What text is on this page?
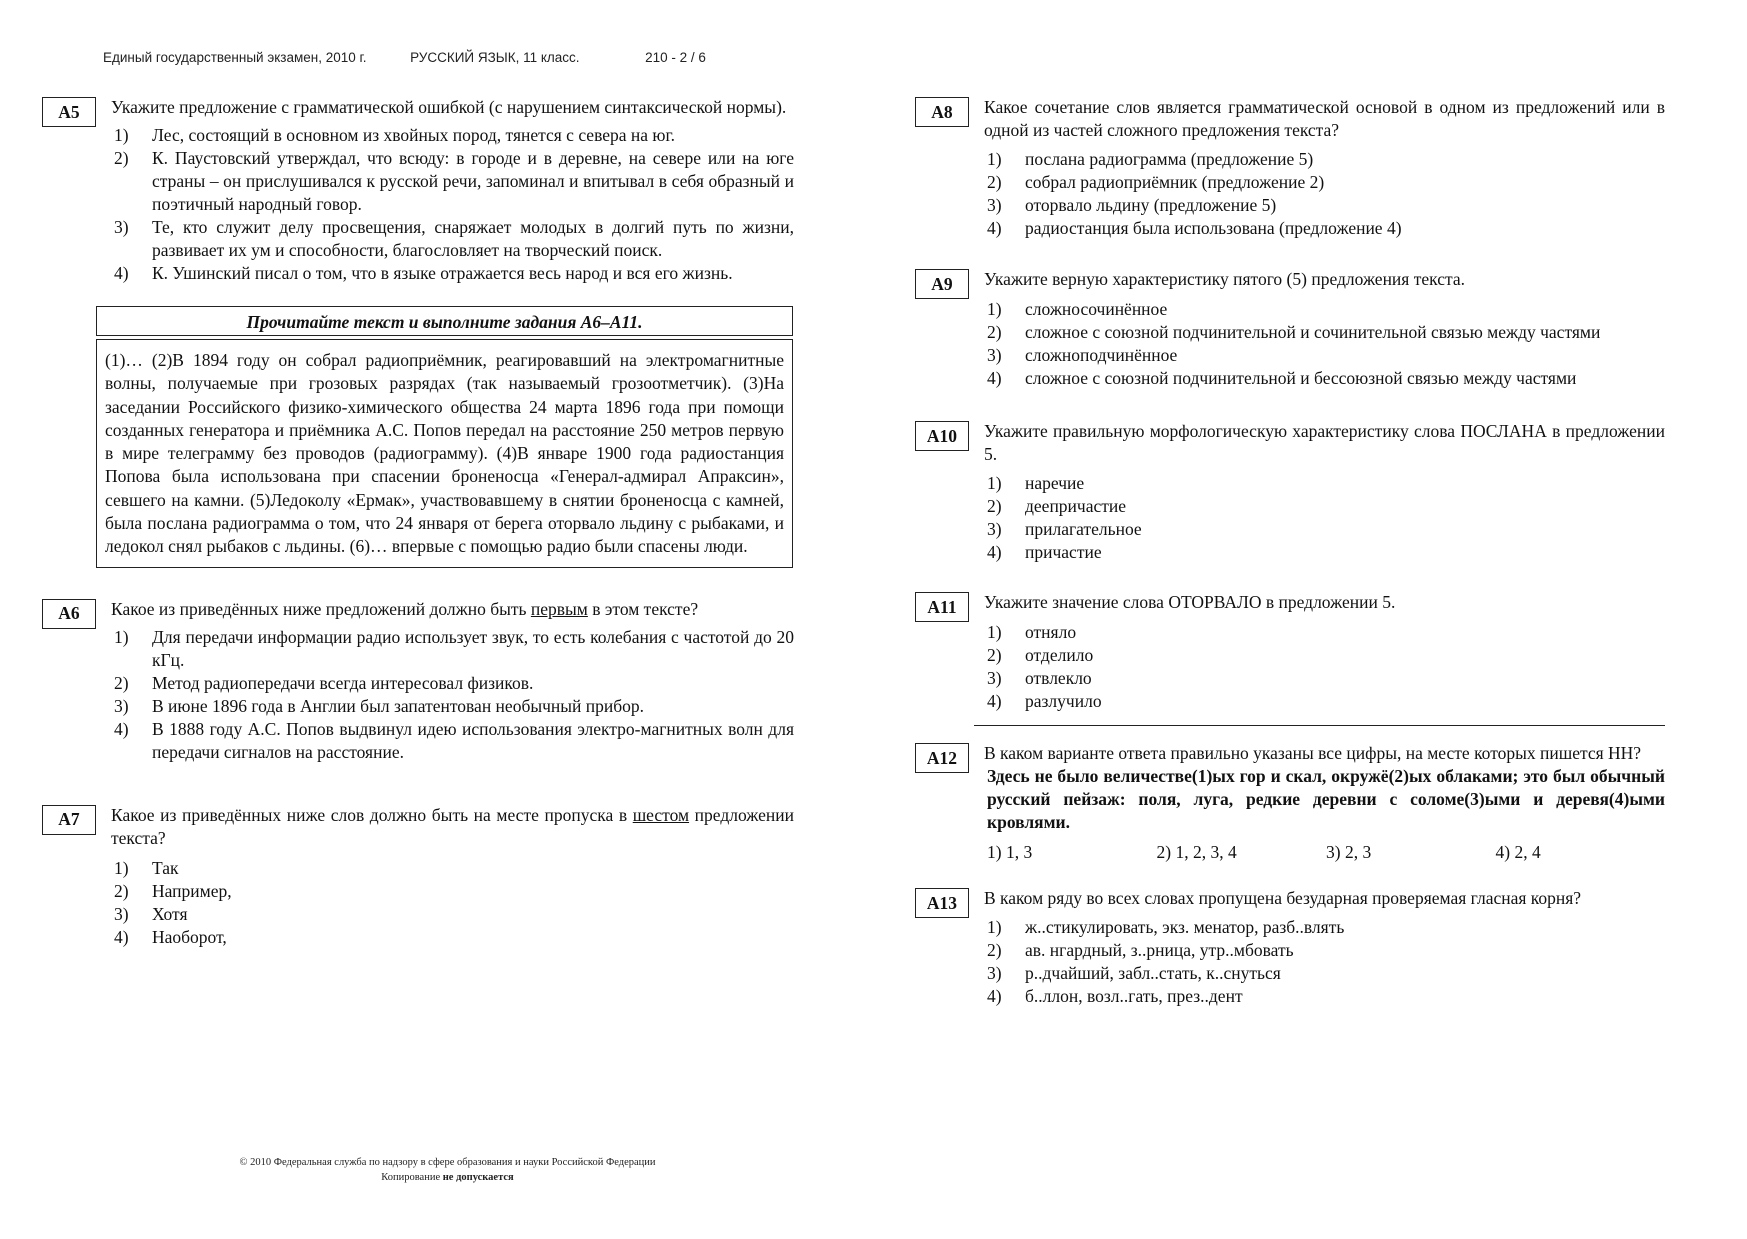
Единый государственный экзамен, 2010 г.	РУССКИЙ ЯЗЫК, 11 класс.	210 - 2 / 6
А5	Укажите предложение с грамматической ошибкой (с нарушением синтаксической нормы).
1)	Лес, состоящий в основном из хвойных пород, тянется с севера на юг.
2)	К. Паустовский утверждал, что всюду: в городе и в деревне, на севере или на юге страны – он прислушивался к русской речи, запоминал и впитывал в себя образный и поэтичный народный говор.
3)	Те, кто служит делу просвещения, снаряжает молодых в долгий путь по жизни, развивает их ум и способности, благословляет на творческий поиск.
4)	К. Ушинский писал о том, что в языке отражается весь народ и вся его жизнь.
Прочитайте текст и выполните задания А6–А11.
(1)… (2)В 1894 году он собрал радиоприёмник, реагировавший на электромагнитные волны, получаемые при грозовых разрядах (так называемый грозоотметчик). (3)На заседании Российского физико-химического общества 24 марта 1896 года при помощи созданных генератора и приёмника А.С. Попов передал на расстояние 250 метров первую в мире телеграмму без проводов (радиограмму). (4)В январе 1900 года радиостанция Попова была использована при спасении броненосца «Генерал-адмирал Апраксин», севшего на камни. (5)Ледоколу «Ермак», участвовавшему в снятии броненосца с камней, была послана радиограмма о том, что 24 января от берега оторвало льдину с рыбаками, и ледокол снял рыбаков с льдины. (6)… впервые с помощью радио были спасены люди.
А6	Какое из приведённых ниже предложений должно быть первым в этом тексте?
1)	Для передачи информации радио использует звук, то есть колебания с частотой до 20 кГц.
2)	Метод радиопередачи всегда интересовал физиков.
3)	В июне 1896 года в Англии был запатентован необычный прибор.
4)	В 1888 году А.С. Попов выдвинул идею использования электро-магнитных волн для передачи сигналов на расстояние.
А7	Какое из приведённых ниже слов должно быть на месте пропуска в шестом предложении текста?
1)	Так
2)	Например,
3)	Хотя
4)	Наоборот,
А8	Какое сочетание слов является грамматической основой в одном из предложений или в одной из частей сложного предложения текста?
1)	послана радиограмма (предложение 5)
2)	собрал радиоприёмник (предложение 2)
3)	оторвало льдину (предложение 5)
4)	радиостанция была использована (предложение 4)
А9	Укажите верную характеристику пятого (5) предложения текста.
1)	сложносочинённое
2)	сложное с союзной подчинительной и сочинительной связью между частями
3)	сложноподчинённое
4)	сложное с союзной подчинительной и бессоюзной связью между частями
А10	Укажите правильную морфологическую характеристику слова ПОСЛАНА в предложении 5.
1)	наречие
2)	деепричастие
3)	прилагательное
4)	причастие
А11	Укажите значение слова ОТОРВАЛО в предложении 5.
1)	отняло
2)	отделило
3)	отвлекло
4)	разлучило
А12	В каком варианте ответа правильно указаны все цифры, на месте которых пишется НН?
Здесь не было величестве(1)ых гор и скал, окружё(2)ых облаками; это был обычный русский пейзаж: поля, луга, редкие деревни с соломе(3)ыми и деревя(4)ыми кровлями.
1) 1, 3	2) 1, 2, 3, 4	3) 2, 3	4) 2, 4
А13	В каком ряду во всех словах пропущена безударная проверяемая гласная корня?
1)	ж..стикулировать, экз. менатор, разб..влять
2)	ав. нгардный, з..рница, утр..мбовать
3)	р..дчайший, забл..стать, к..снуться
4)	б..ллон, возл..гать, през..дент
© 2010 Федеральная служба по надзору в сфере образования и науки Российской Федерации
Копирование не допускается
